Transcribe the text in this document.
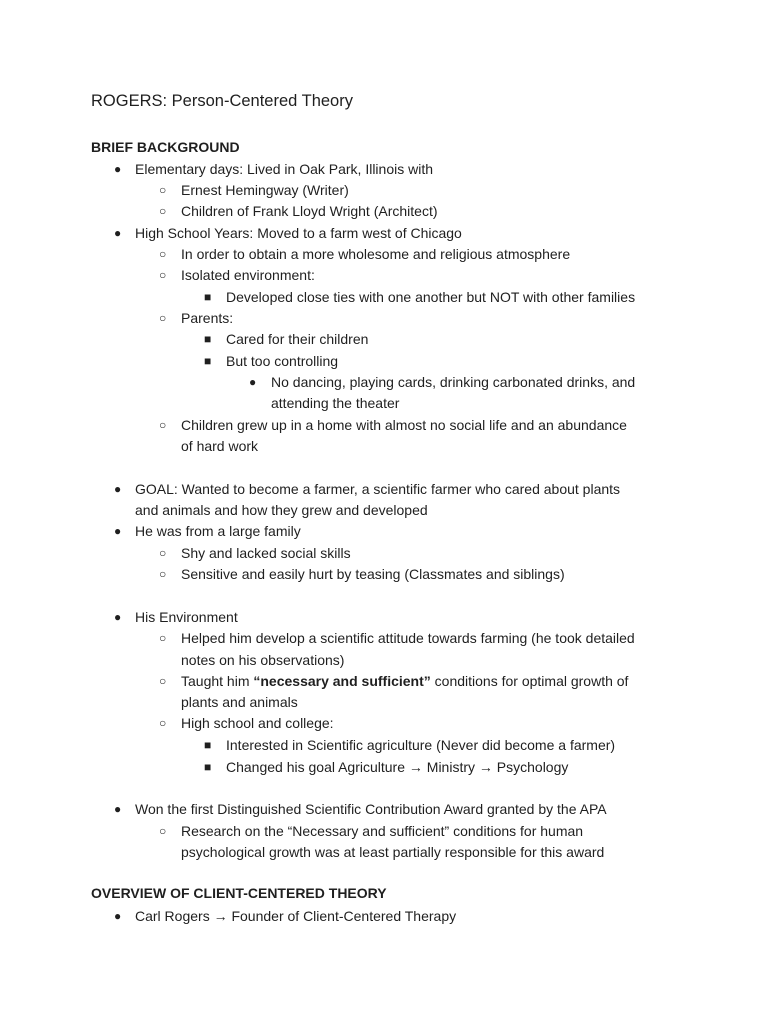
ROGERS: Person-Centered Theory
BRIEF BACKGROUND
● Elementary days: Lived in Oak Park, Illinois with
○ Ernest Hemingway (Writer)
○ Children of Frank Lloyd Wright (Architect)
● High School Years: Moved to a farm west of Chicago
○ In order to obtain a more wholesome and religious atmosphere
○ Isolated environment:
■ Developed close ties with one another but NOT with other families
○ Parents:
■ Cared for their children
■ But too controlling
● No dancing, playing cards, drinking carbonated drinks, and
attending the theater
○ Children grew up in a home with almost no social life and an abundance
of hard work
● GOAL: Wanted to become a farmer, a scientific farmer who cared about plants
and animals and how they grew and developed
● He was from a large family
○ Shy and lacked social skills
○ Sensitive and easily hurt by teasing (Classmates and siblings)
● His Environment
○ Helped him develop a scientific attitude towards farming (he took detailed
notes on his observations)
○ Taught him “necessary and sufficient” conditions for optimal growth of
plants and animals
○ High school and college:
■ Interested in Scientific agriculture (Never did become a farmer)
■ Changed his goal Agriculture → Ministry → Psychology
● Won the first Distinguished Scientific Contribution Award granted by the APA
○ Research on the “Necessary and sufficient” conditions for human
psychological growth was at least partially responsible for this award
OVERVIEW OF CLIENT-CENTERED THEORY
● Carl Rogers → Founder of Client-Centered Therapy
